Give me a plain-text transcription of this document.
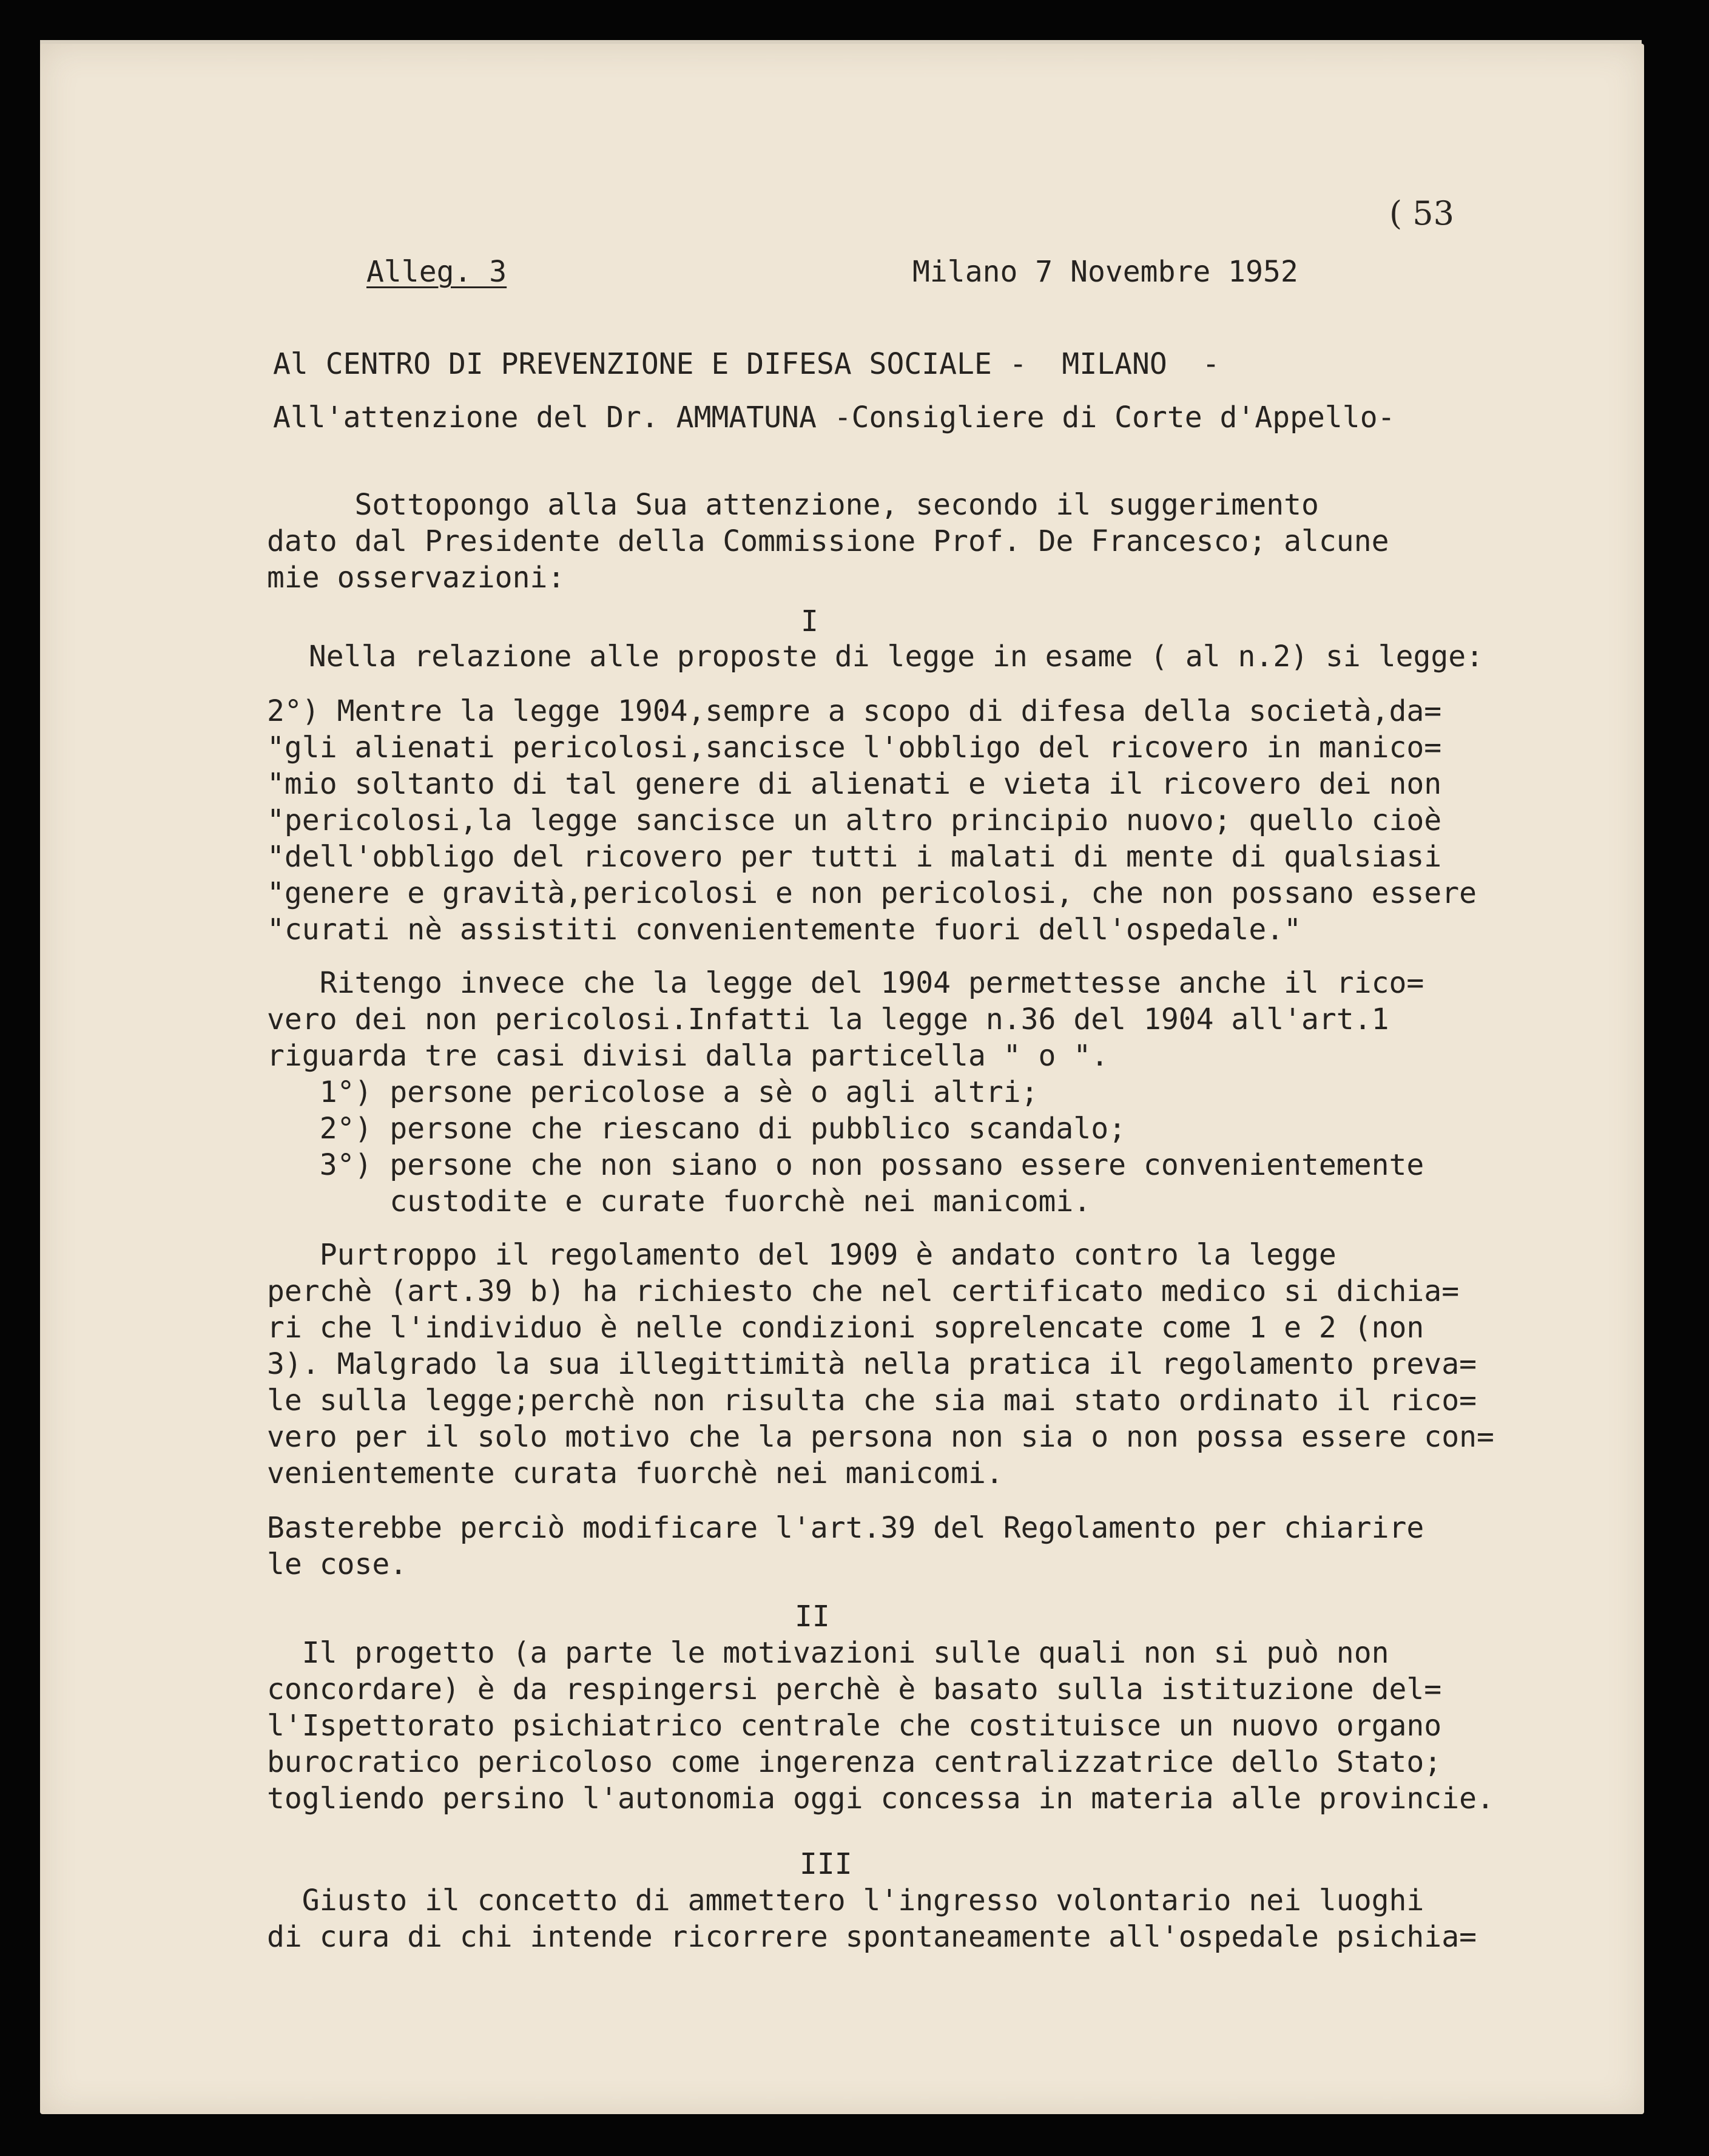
( 53
Alleg. 3	Milano 7 Novembre 1952
Al CENTRO DI PREVENZIONE E DIFESA SOCIALE -  MILANO  -
All'attenzione del Dr. AMMATUNA -Consigliere di Corte d'Appello-
Sottopongo alla Sua attenzione, secondo il suggerimento
dato dal Presidente della Commissione Prof. De Francesco; alcune
mie osservazioni:
I
Nella relazione alle proposte di legge in esame ( al n.2) si legge:
2°) Mentre la legge 1904,sempre a scopo di difesa della società,da=
"gli alienati pericolosi,sancisce l'obbligo del ricovero in manico=
"mio soltanto di tal genere di alienati e vieta il ricovero dei non
"pericolosi,la legge sancisce un altro principio nuovo; quello cioè
"dell'obbligo del ricovero per tutti i malati di mente di qualsiasi
"genere e gravità,pericolosi e non pericolosi, che non possano essere
"curati nè assistiti convenientemente fuori dell'ospedale."
Ritengo invece che la legge del 1904 permettesse anche il rico=
vero dei non pericolosi.Infatti la legge n.36 del 1904 all'art.1
riguarda tre casi divisi dalla particella " o ".
1°) persone pericolose a sè o agli altri;
2°) persone che riescano di pubblico scandalo;
3°) persone che non siano o non possano essere convenientemente
custodite e curate fuorchè nei manicomi.
Purtroppo il regolamento del 1909 è andato contro la legge
perchè (art.39 b) ha richiesto che nel certificato medico si dichia=
ri che l'individuo è nelle condizioni soprelencate come 1 e 2 (non
3). Malgrado la sua illegittimità nella pratica il regolamento preva=
le sulla legge;perchè non risulta che sia mai stato ordinato il rico=
vero per il solo motivo che la persona non sia o non possa essere con=
venientemente curata fuorchè nei manicomi.
Basterebbe perciò modificare l'art.39 del Regolamento per chiarire
le cose.
II
Il progetto (a parte le motivazioni sulle quali non si può non
concordare) è da respingersi perchè è basato sulla istituzione del=
l'Ispettorato psichiatrico centrale che costituisce un nuovo organo
burocratico pericoloso come ingerenza centralizzatrice dello Stato;
togliendo persino l'autonomia oggi concessa in materia alle provincie.
III
Giusto il concetto di ammettero l'ingresso volontario nei luoghi
di cura di chi intende ricorrere spontaneamente all'ospedale psichia=
